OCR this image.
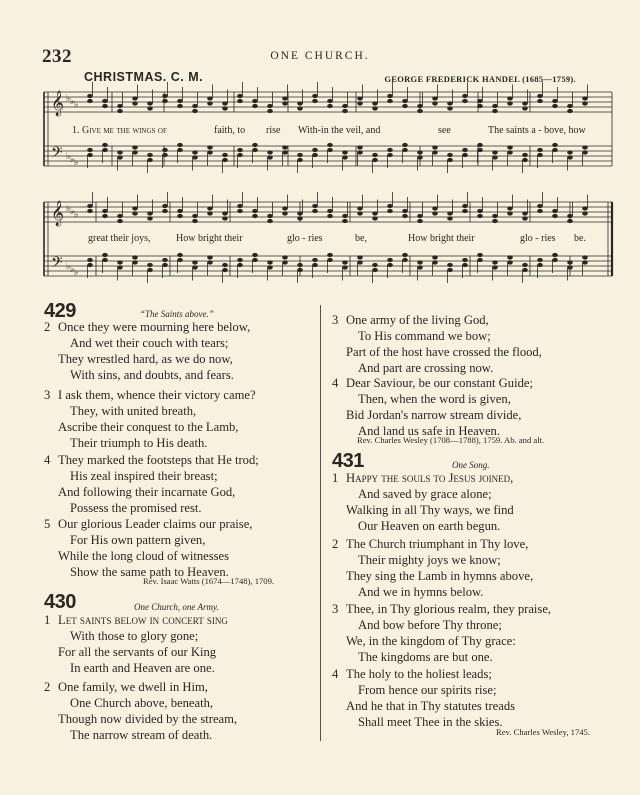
232	ONE CHURCH.
CHRISTMAS. C. M.	GEORGE FREDERICK HANDEL (1685—1759).
𝄞
𝄢
♭
♭
♭
♭
♭
♭
𝄞
𝄢
♭
♭
♭
♭
♭
♭
1. Give me the wings of	faith, to rise With-in the veil, and	see	The saints a - bove, how
great their joys,	How bright their	glo - ries	be,	How bright their	glo - ries be.
429	“The Saints above.”
2 Once they were mourning here below,
And wet their couch with tears;
They wrestled hard, as we do now,
With sins, and doubts, and fears.
3 I ask them, whence their victory came?
They, with united breath,
Ascribe their conquest to the Lamb,
Their triumph to His death.
4 They marked the footsteps that He trod;
His zeal inspired their breast;
And following their incarnate God,
Possess the promised rest.
5 Our glorious Leader claims our praise,
For His own pattern given,
While the long cloud of witnesses
Show the same path to Heaven.
Rev. Isaac Watts (1674—1748), 1709.
430	One Church, one Army.
1 Let saints below in concert sing
With those to glory gone;
For all the servants of our King
In earth and Heaven are one.
2 One family, we dwell in Him,
One Church above, beneath,
Though now divided by the stream,
The narrow stream of death.
3 One army of the living God,
To His command we bow;
Part of the host have crossed the flood,
And part are crossing now.
4 Dear Saviour, be our constant Guide;
Then, when the word is given,
Bid Jordan's narrow stream divide,
And land us safe in Heaven.
Rev. Charles Wesley (1708—1788), 1759. Ab. and alt.
431	One Song.
1 Happy the souls to Jesus joined,
And saved by grace alone;
Walking in all Thy ways, we find
Our Heaven on earth begun.
2 The Church triumphant in Thy love,
Their mighty joys we know;
They sing the Lamb in hymns above,
And we in hymns below.
3 Thee, in Thy glorious realm, they praise,
And bow before Thy throne;
We, in the kingdom of Thy grace:
The kingdoms are but one.
4 The holy to the holiest leads;
From hence our spirits rise;
And he that in Thy statutes treads
Shall meet Thee in the skies.
Rev. Charles Wesley, 1745.
